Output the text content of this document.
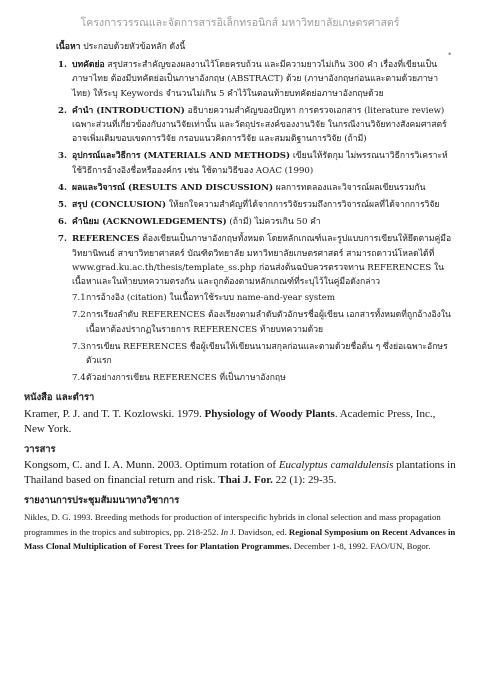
โครงการวรรณและจัดการสารอิเล็กทรอนิกส์ มหาวิทยาลัยเกษตรศาสตร์
•
เนื้อหา ประกอบด้วยหัวข้อหลัก ดังนี้
1. บทคัดย่อ สรุปสาระสำคัญของผลงานไว้โดยครบถ้วน และมีความยาวไม่เกิน 300 คำ เรื่องที่เขียนเป็นภาษาไทย ต้องมีบทคัดย่อเป็นภาษาอังกฤษ (ABSTRACT) ด้วย (ภาษาอังกฤษก่อนและตามด้วยภาษาไทย) ให้ระบุ Keywords จำนวนไม่เกิน 5 คำไว้ในตอนท้ายบทคัดย่อภาษาอังกฤษด้วย
2. คำนำ (INTRODUCTION) อธิบายความสำคัญของปัญหา การตรวจเอกสาร (literature review) เฉพาะส่วนที่เกี่ยวข้องกับงานวิจัยเท่านั้น และวัตถุประสงค์ของงานวิจัย ในกรณีงานวิจัยทางสังคมศาสตร์อาจเพิ่มเติมขอบเขตการวิจัย กรอบแนวคิดการวิจัย และสมมติฐานการวิจัย (ถ้ามี)
3. อุปกรณ์และวิธีการ (MATERIALS AND METHODS) เขียนให้รัดกุม ไม่พรรณนาวิธีการวิเคราะห์ ใช้วิธีการอ้างอิงชื่อหรือองค์กร เช่น ใช้ตามวิธีของ AOAC (1990)
4. ผลและวิจารณ์ (RESULTS AND DISCUSSION) ผลการทดลองและวิจารณ์ผลเขียนรวมกัน
5. สรุป (CONCLUSION) ให้ยกใจความสำคัญที่ได้จากการวิจัยรวมถึงการวิจารณ์ผลที่ได้จากการวิจัย
6. คำนิยม (ACKNOWLEDGEMENTS) (ถ้ามี) ไม่ควรเกิน 50 คำ
7. REFERENCES ต้องเขียนเป็นภาษาอังกฤษทั้งหมด โดยหลักเกณฑ์และรูปแบบการเขียนให้ยึดตามคู่มือวิทยานิพนธ์ สาขาวิทยาศาสตร์ บัณฑิตวิทยาลัย มหาวิทยาลัยเกษตรศาสตร์ สามารถดาวน์โหลดได้ที่ www.grad.ku.ac.th/thesis/template_ss.php ก่อนส่งต้นฉบับควรตรวจทาน REFERENCES ในเนื้อหาและในท้ายบทความตรงกัน และถูกต้องตามหลักเกณฑ์ที่ระบุไว้ในคู่มือดังกล่าว
7.1 การอ้างอิง (citation) ในเนื้อหาใช้ระบบ name-and-year system
7.2 การเรียงลำดับ REFERENCES ต้องเรียงตามลำดับตัวอักษรชื่อผู้เขียน เอกสารทั้งหมดที่ถูกอ้างอิงในเนื้อหาต้องปรากฏในรายการ REFERENCES ท้ายบทความด้วย
7.3 การเขียน REFERENCES ชื่อผู้เขียนให้เขียนนามสกุลก่อนและตามด้วยชื่อต้น ๆ ซึ่งย่อเฉพาะอักษรตัวแรก
7.4 ตัวอย่างการเขียน REFERENCES ที่เป็นภาษาอังกฤษ
หนังสือ และตำรา
Kramer, P. J. and T. T. Kozlowski. 1979. Physiology of Woody Plants. Academic Press, Inc., New York.
วารสาร
Kongsom, C. and I. A. Munn. 2003. Optimum rotation of Eucalyptus camaldulensis plantations in Thailand based on financial return and risk. Thai J. For. 22 (1): 29-35.
รายงานการประชุมสัมมนาทางวิชาการ
Nikles, D. G. 1993. Breeding methods for production of interspecific hybrids in clonal selection and mass propagation programmes in the tropics and subtropics, pp. 218-252. In J. Davidson, ed. Regional Symposium on Recent Advances in Mass Clonal Multiplication of Forest Trees for Plantation Programmes. December 1-8, 1992. FAO/UN, Bogor.
